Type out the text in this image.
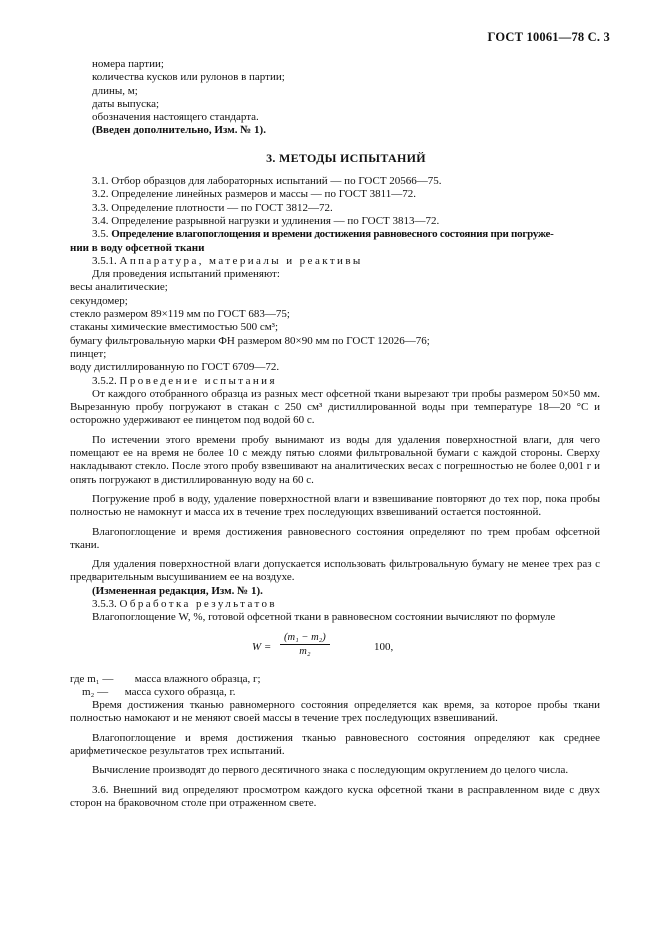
ГОСТ 10061—78 С. 3
номера партии;
количества кусков или рулонов в партии;
длины, м;
даты выпуска;
обозначения настоящего стандарта.
(Введен дополнительно, Изм. № 1).
3. МЕТОДЫ ИСПЫТАНИЙ
3.1. Отбор образцов для лабораторных испытаний — по ГОСТ 20566—75.
3.2. Определение линейных размеров и массы — по ГОСТ 3811—72.
3.3. Определение плотности — по ГОСТ 3812—72.
3.4. Определение разрывной нагрузки и удлинения — по ГОСТ 3813—72.
3.5. Определение влагопоглощения и времени достижения равновесного состояния при погруже-
нии в воду офсетной ткани
3.5.1. Аппаратура, материалы и реактивы
Для проведения испытаний применяют:
весы аналитические;
секундомер;
стекло размером 89×119 мм по ГОСТ 683—75;
стаканы химические вместимостью 500 см³;
бумагу фильтровальную марки ФН размером 80×90 мм по ГОСТ 12026—76;
пинцет;
воду дистиллированную по ГОСТ 6709—72.
3.5.2. Проведение испытания

От каждого отобранного образца из разных мест офсетной ткани вырезают три пробы размером 50×50 мм. Вырезанную пробу погружают в стакан с 250 см³ дистиллированной воды при температуре 18—20 °С и осторожно удерживают ее пинцетом под водой 60 с.

По истечении этого времени пробу вынимают из воды для удаления поверхностной влаги, для чего помещают ее на время не более 10 с между пятью слоями фильтровальной бумаги с каждой стороны. Сверху накладывают стекло. После этого пробу взвешивают на аналитических весах с погрешностью не более 0,001 г и опять погружают в дистиллированную воду на 60 с.

Погружение проб в воду, удаление поверхностной влаги и взвешивание повторяют до тех пор, пока пробы полностью не намокнут и масса их в течение трех последующих взвешиваний остается постоянной.

Влагопоглощение и время достижения равновесного состояния определяют по трем пробам офсетной ткани.

Для удаления поверхностной влаги допускается использовать фильтровальную бумагу не менее трех раз с предварительным высушиванием ее на воздухе.

(Измененная редакция, Изм. № 1).
3.5.3. Обработка результатов

Влагопоглощение W, %, готовой офсетной ткани в равновесном состоянии вычисляют по формуле

$W = \frac{\text{(m₁ − m₂)}}{\text{m₂}}$	100,
где m₁ — масса влажного образца, г;
m₂ — масса сухого образца, г.

Время достижения тканью равномерного состояния определяется как время, за которое пробы ткани полностью намокают и не меняют своей массы в течение трех последующих взвешиваний.

Влагопоглощение и время достижения тканью равновесного состояния определяют как среднее арифметическое результатов трех испытаний.

Вычисление производят до первого десятичного знака с последующим округлением до целого числа.

3.6. Внешний вид определяют просмотром каждого куска офсетной ткани в расправленном виде с двух сторон на браковочном столе при отраженном свете.
